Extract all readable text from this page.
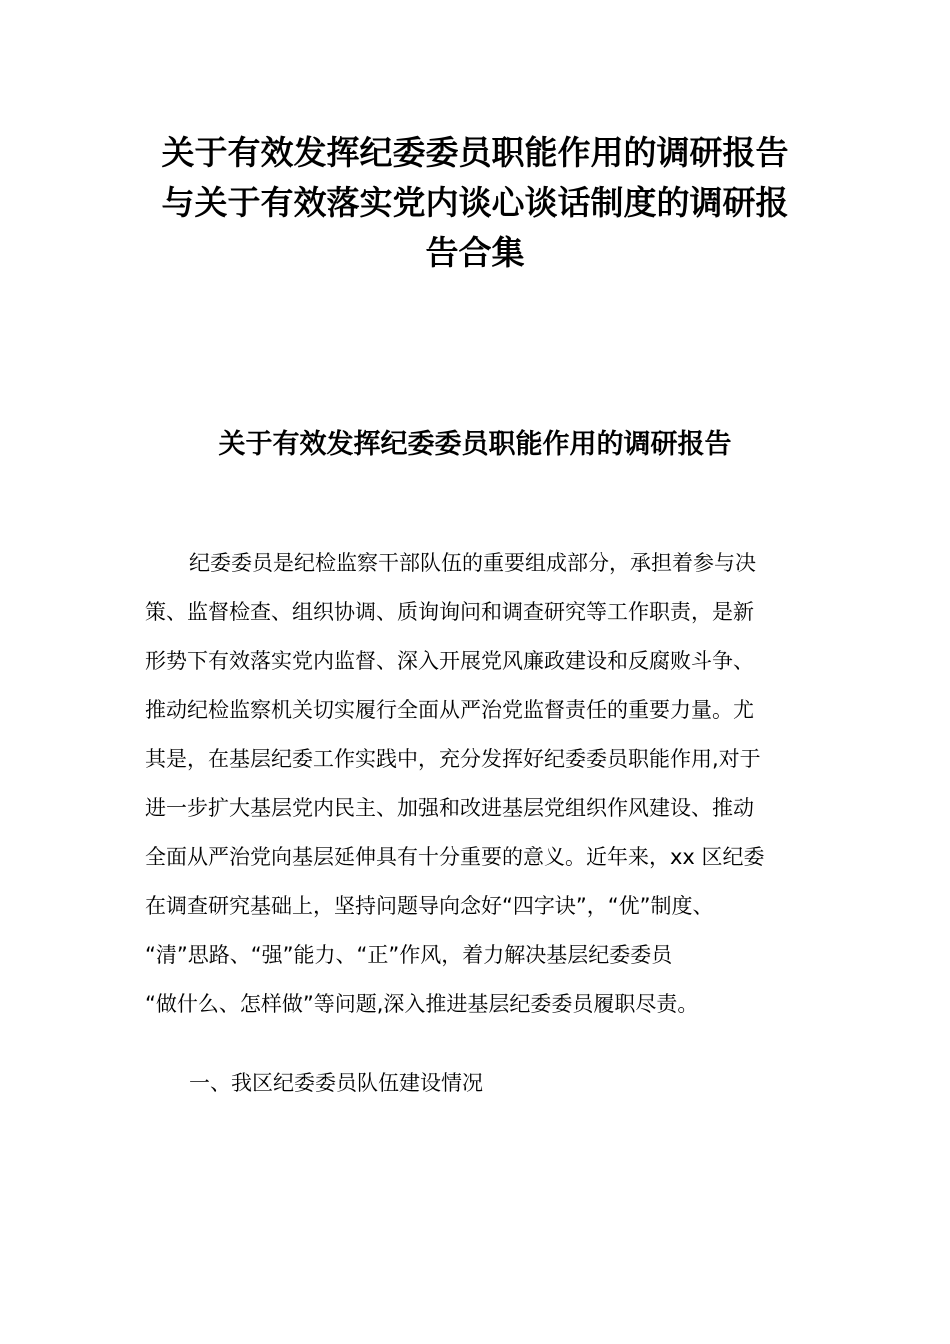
关于有效发挥纪委委员职能作用的调研报告
与关于有效落实党内谈心谈话制度的调研报
告合集
关于有效发挥纪委委员职能作用的调研报告
纪委委员是纪检监察干部队伍的重要组成部分，承担着参与决
策、监督检查、组织协调、质询询问和调查研究等工作职责，是新
形势下有效落实党内监督、深入开展党风廉政建设和反腐败斗争、
推动纪检监察机关切实履行全面从严治党监督责任的重要力量。尤
其是，在基层纪委工作实践中，充分发挥好纪委委员职能作用,对于
进一步扩大基层党内民主、加强和改进基层党组织作风建设、推动
全面从严治党向基层延伸具有十分重要的意义。近年来，xx 区纪委
在调查研究基础上，坚持问题导向念好“四字诀”，“优”制度、
“清”思路、“强”能力、“正”作风，着力解决基层纪委委员
“做什么、怎样做”等问题,深入推进基层纪委委员履职尽责。

一、我区纪委委员队伍建设情况
